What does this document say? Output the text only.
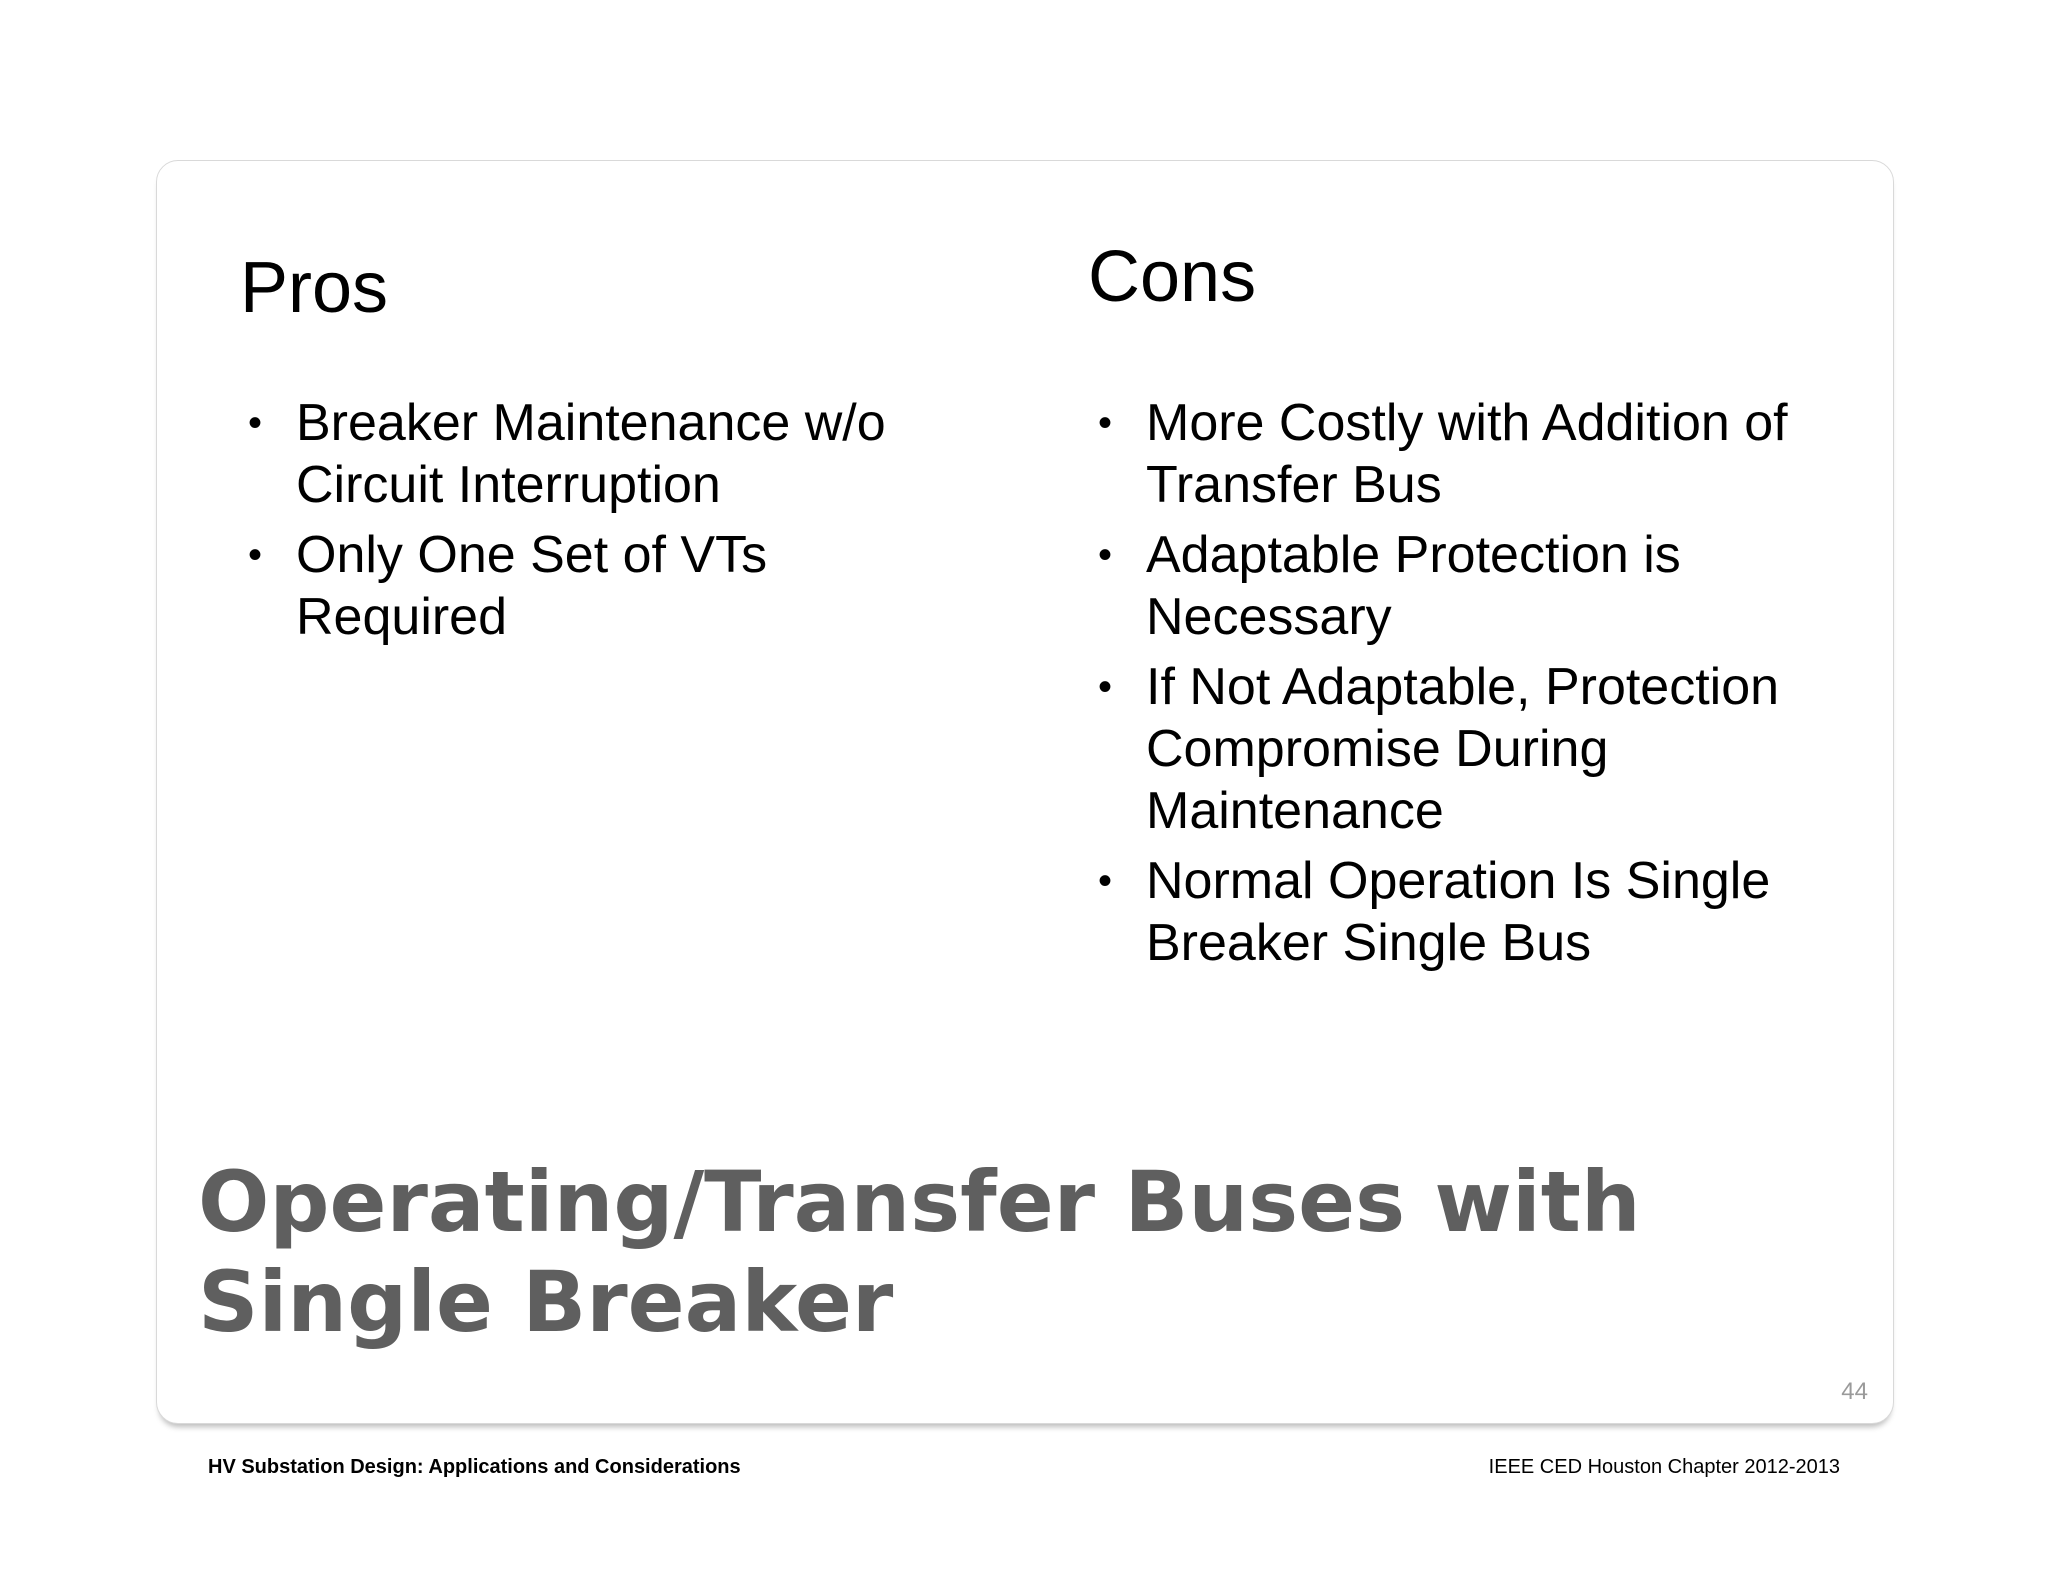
Pros
• Breaker Maintenance w/o Circuit Interruption
• Only One Set of VTs Required
Cons
• More Costly with Addition of Transfer Bus
• Adaptable Protection is Necessary
• If Not Adaptable, Protection Compromise During Maintenance
• Normal Operation Is Single Breaker Single Bus
Operating/Transfer Buses with
Single Breaker
44
HV Substation Design: Applications and Considerations	IEEE CED Houston Chapter 2012-2013
